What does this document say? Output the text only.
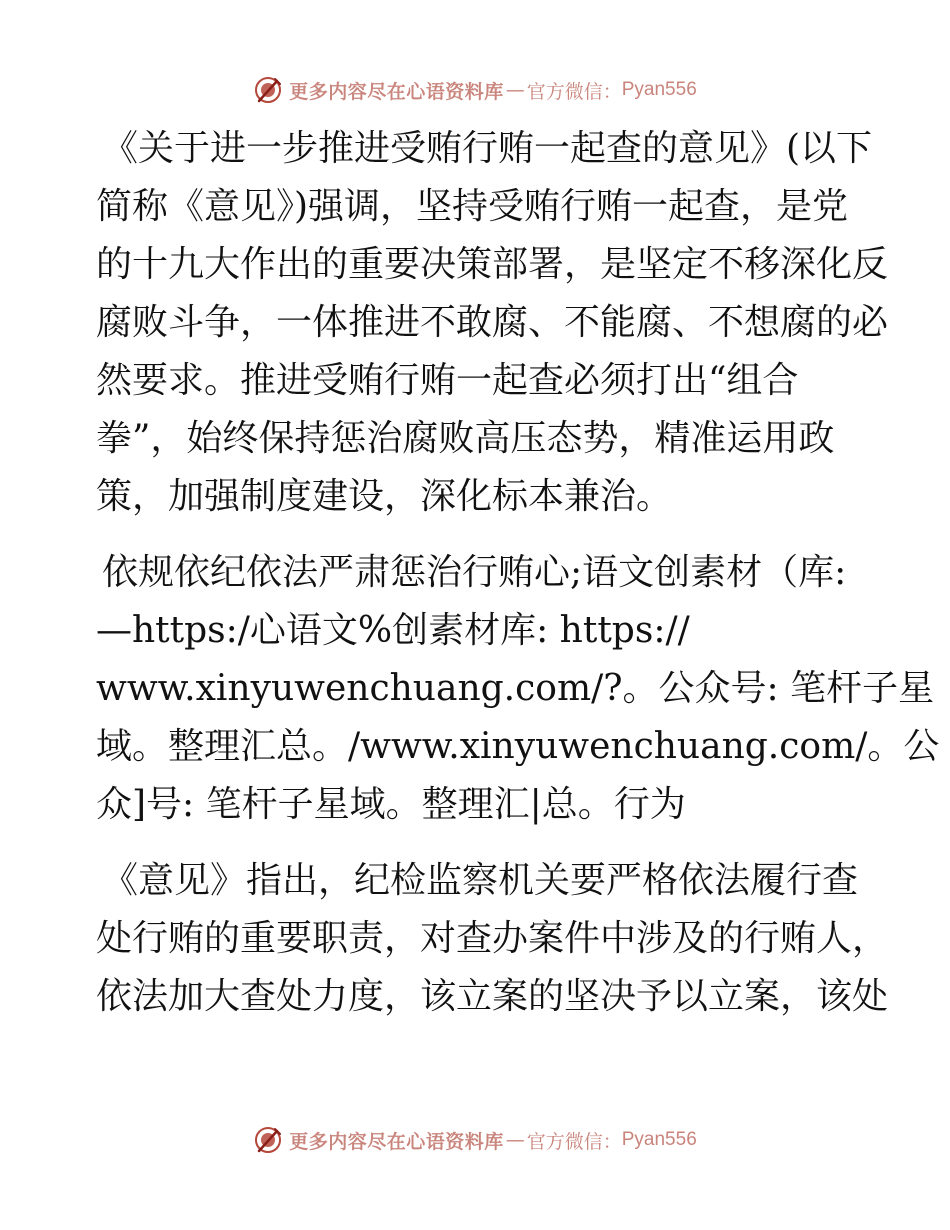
更多内容尽在心语资料库 — 官方微信： Pyan556
《关于进一步推进受贿行贿一起查的意见》(以下
简称《意见》)强调，坚持受贿行贿一起查，是党
的十九大作出的重要决策部署，是坚定不移深化反
腐败斗争，一体推进不敢腐、不能腐、不想腐的必
然要求。推进受贿行贿一起查必须打出“组合
拳”，始终保持惩治腐败高压态势，精准运用政
策，加强制度建设，深化标本兼治。
依规依纪依法严肃惩治行贿心;语文创素材（库:
—https:/心语文%创素材库: https://
www.xinyuwenchuang.com/?。公众号: 笔杆子星
域。整理汇总。/www.xinyuwenchuang.com/。公
众]号: 笔杆子星域。整理汇|总。行为
《意见》指出，纪检监察机关要严格依法履行查
处行贿的重要职责，对查办案件中涉及的行贿人，
依法加大查处力度，该立案的坚决予以立案，该处
更多内容尽在心语资料库 — 官方微信： Pyan556
